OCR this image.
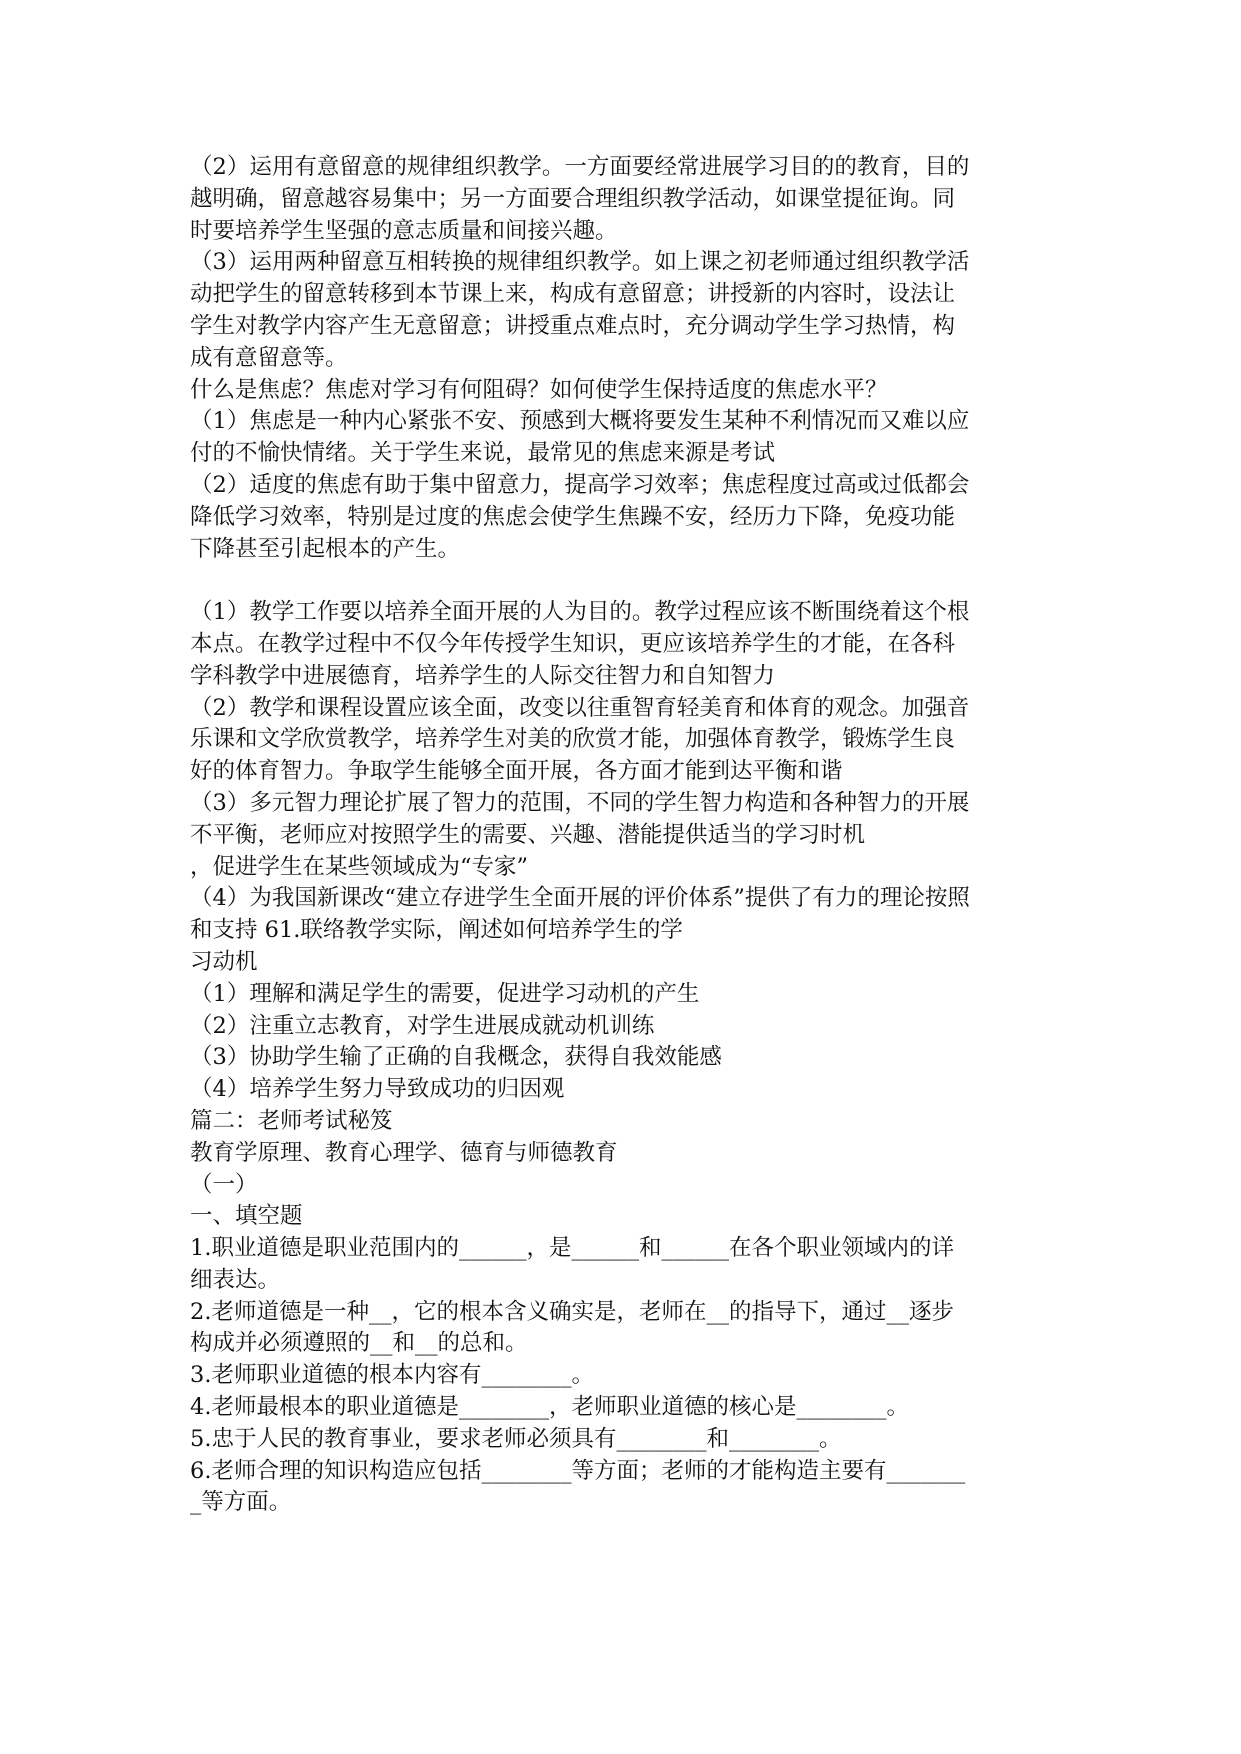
（2）运用有意留意的规律组织教学。一方面要经常进展学习目的的教育，目的
越明确，留意越容易集中；另一方面要合理组织教学活动，如课堂提征询。同
时要培养学生坚强的意志质量和间接兴趣。
（3）运用两种留意互相转换的规律组织教学。如上课之初老师通过组织教学活
动把学生的留意转移到本节课上来，构成有意留意；讲授新的内容时，设法让
学生对教学内容产生无意留意；讲授重点难点时，充分调动学生学习热情，构
成有意留意等。
什么是焦虑？焦虑对学习有何阻碍？如何使学生保持适度的焦虑水平？
（1）焦虑是一种内心紧张不安、预感到大概将要发生某种不利情况而又难以应
付的不愉快情绪。关于学生来说，最常见的焦虑来源是考试
（2）适度的焦虑有助于集中留意力，提高学习效率；焦虑程度过高或过低都会
降低学习效率，特别是过度的焦虑会使学生焦躁不安，经历力下降，免疫功能
下降甚至引起根本的产生。
（1）教学工作要以培养全面开展的人为目的。教学过程应该不断围绕着这个根
本点。在教学过程中不仅今年传授学生知识，更应该培养学生的才能，在各科
学科教学中进展德育，培养学生的人际交往智力和自知智力
（2）教学和课程设置应该全面，改变以往重智育轻美育和体育的观念。加强音
乐课和文学欣赏教学，培养学生对美的欣赏才能，加强体育教学，锻炼学生良
好的体育智力。争取学生能够全面开展，各方面才能到达平衡和谐
（3）多元智力理论扩展了智力的范围，不同的学生智力构造和各种智力的开展
不平衡，老师应对按照学生的需要、兴趣、潜能提供适当的学习时机
，促进学生在某些领域成为“专家”
（4）为我国新课改“建立存进学生全面开展的评价体系”提供了有力的理论按照
和支持 61.联络教学实际，阐述如何培养学生的学
习动机
（1）理解和满足学生的需要，促进学习动机的产生
（2）注重立志教育，对学生进展成就动机训练
（3）协助学生输了正确的自我概念，获得自我效能感
（4）培养学生努力导致成功的归因观
篇二：老师考试秘笈
教育学原理、教育心理学、德育与师德教育
（一）
一、填空题
1.职业道德是职业范围内的______，是______和______在各个职业领域内的详
细表达。
2.老师道德是一种__，它的根本含义确实是，老师在__的指导下，通过__逐步
构成并必须遵照的__和__的总和。
3.老师职业道德的根本内容有________。
4.老师最根本的职业道德是________，老师职业道德的核心是________。
5.忠于人民的教育事业，要求老师必须具有________和________。
6.老师合理的知识构造应包括________等方面；老师的才能构造主要有_______
_等方面。
